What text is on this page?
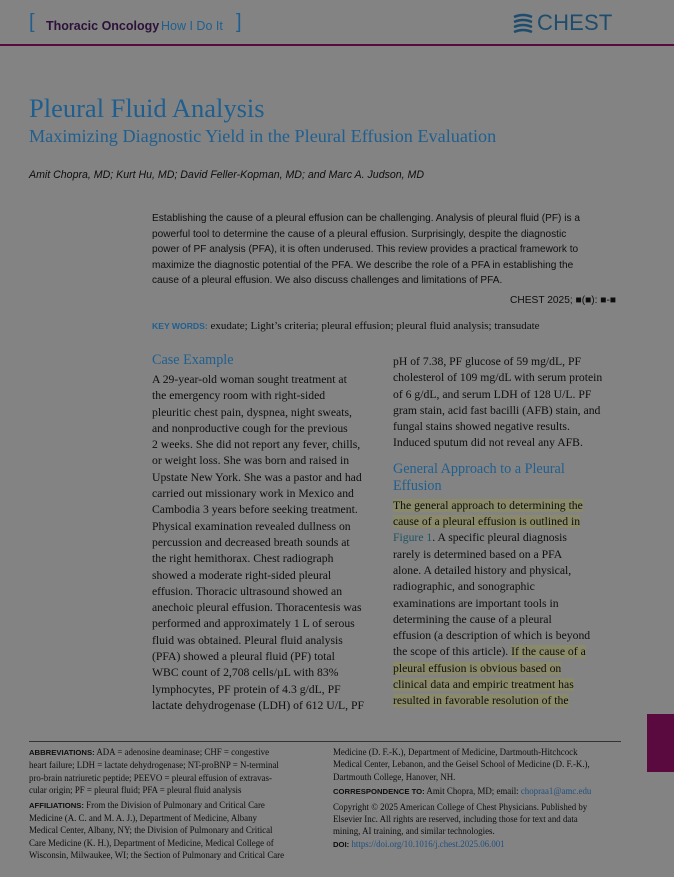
[ Thoracic Oncology How I Do It ]	CHEST
Pleural Fluid Analysis
Maximizing Diagnostic Yield in the Pleural Effusion Evaluation
Amit Chopra, MD; Kurt Hu, MD; David Feller-Kopman, MD; and Marc A. Judson, MD
Establishing the cause of a pleural effusion can be challenging. Analysis of pleural fluid (PF) is a
powerful tool to determine the cause of a pleural effusion. Surprisingly, despite the diagnostic
power of PF analysis (PFA), it is often underused. This review provides a practical framework to
maximize the diagnostic potential of the PFA. We describe the role of a PFA in establishing the
cause of a pleural effusion. We also discuss challenges and limitations of PFA.
CHEST 2025; ■(■): ■-■
KEY WORDS: exudate; Light’s criteria; pleural effusion; pleural fluid analysis; transudate
Case Example
A 29-year-old woman sought treatment at
the emergency room with right-sided
pleuritic chest pain, dyspnea, night sweats,
and nonproductive cough for the previous
2 weeks. She did not report any fever, chills,
or weight loss. She was born and raised in
Upstate New York. She was a pastor and had
carried out missionary work in Mexico and
Cambodia 3 years before seeking treatment.
Physical examination revealed dullness on
percussion and decreased breath sounds at
the right hemithorax. Chest radiograph
showed a moderate right-sided pleural
effusion. Thoracic ultrasound showed an
anechoic pleural effusion. Thoracentesis was
performed and approximately 1 L of serous
fluid was obtained. Pleural fluid analysis
(PFA) showed a pleural fluid (PF) total
WBC count of 2,708 cells/µL with 83%
lymphocytes, PF protein of 4.3 g/dL, PF
lactate dehydrogenase (LDH) of 612 U/L, PF
pH of 7.38, PF glucose of 59 mg/dL, PF
cholesterol of 109 mg/dL with serum protein
of 6 g/dL, and serum LDH of 128 U/L. PF
gram stain, acid fast bacilli (AFB) stain, and
fungal stains showed negative results.
Induced sputum did not reveal any AFB.
General Approach to a Pleural
Effusion
The general approach to determining the
cause of a pleural effusion is outlined in
Figure 1. A specific pleural diagnosis
rarely is determined based on a PFA
alone. A detailed history and physical,
radiographic, and sonographic
examinations are important tools in
determining the cause of a pleural
effusion (a description of which is beyond
the scope of this article). If the cause of a
pleural effusion is obvious based on
clinical data and empiric treatment has
resulted in favorable resolution of the
ABBREVIATIONS: ADA = adenosine deaminase; CHF = congestive
heart failure; LDH = lactate dehydrogenase; NT-proBNP = N-terminal
pro-brain natriuretic peptide; PEEVO = pleural effusion of extravas-
cular origin; PF = pleural fluid; PFA = pleural fluid analysis
AFFILIATIONS: From the Division of Pulmonary and Critical Care
Medicine (A. C. and M. A. J.), Department of Medicine, Albany
Medical Center, Albany, NY; the Division of Pulmonary and Critical
Care Medicine (K. H.), Department of Medicine, Medical College of
Wisconsin, Milwaukee, WI; the Section of Pulmonary and Critical Care
Medicine (D. F.-K.), Department of Medicine, Dartmouth-Hitchcock
Medical Center, Lebanon, and the Geisel School of Medicine (D. F.-K.),
Dartmouth College, Hanover, NH.
CORRESPONDENCE TO: Amit Chopra, MD; email: chopraa1@amc.edu
Copyright © 2025 American College of Chest Physicians. Published by
Elsevier Inc. All rights are reserved, including those for text and data
mining, AI training, and similar technologies.
DOI: https://doi.org/10.1016/j.chest.2025.06.001
